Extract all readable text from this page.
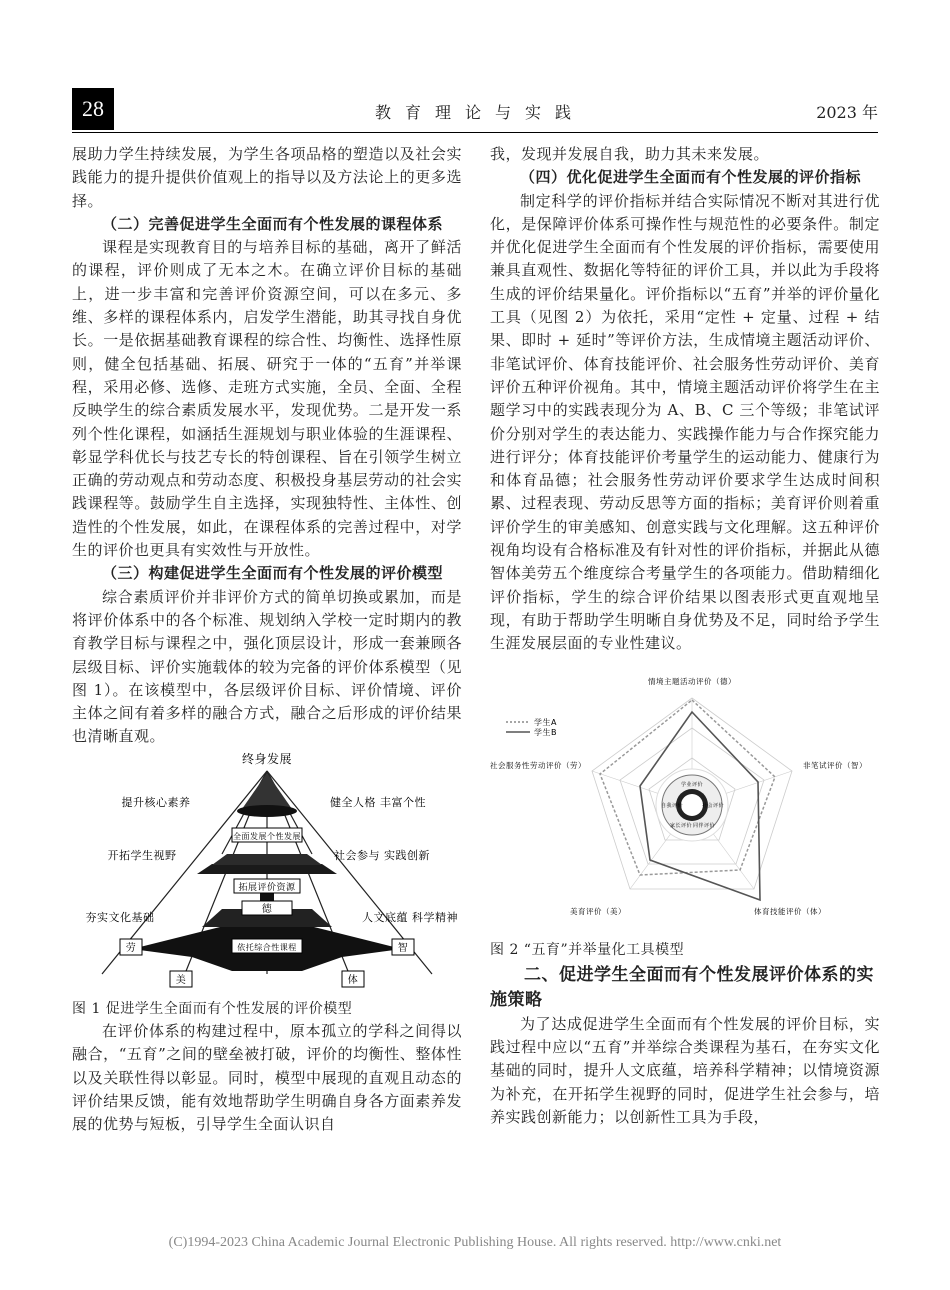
28	教育理论与实践	2023 年

展助力学生持续发展，为学生各项品格的塑造以及社会实践能力的提升提供价值观上的指导以及方法论上的更多选择。

（二）完善促进学生全面而有个性发展的课程体系

课程是实现教育目的与培养目标的基础，离开了鲜活的课程，评价则成了无本之木。在确立评价目标的基础上，进一步丰富和完善评价资源空间，可以在多元、多维、多样的课程体系内，启发学生潜能，助其寻找自身优长。一是依据基础教育课程的综合性、均衡性、选择性原则，健全包括基础、拓展、研究于一体的“五育”并举课程，采用必修、选修、走班方式实施，全员、全面、全程反映学生的综合素质发展水平，发现优势。二是开发一系列个性化课程，如涵括生涯规划与职业体验的生涯课程、彰显学科优长与技艺专长的特创课程、旨在引领学生树立正确的劳动观点和劳动态度、积极投身基层劳动的社会实践课程等。鼓励学生自主选择，实现独特性、主体性、创造性的个性发展，如此，在课程体系的完善过程中，对学生的评价也更具有实效性与开放性。

（三）构建促进学生全面而有个性发展的评价模型

综合素质评价并非评价方式的简单切换或累加，而是将评价体系中的各个标准、规划纳入学校一定时期内的教育教学目标与课程之中，强化顶层设计，形成一套兼顾各层级目标、评价实施载体的较为完备的评价体系模型（见图 1）。在该模型中，各层级评价目标、评价情境、评价主体之间有着多样的融合方式，融合之后形成的评价结果也清晰直观。

终身发展
提升核心素养	健全人格 丰富个性
开拓学生视野	社会参与 实践创新
夯实文化基础	人文底蕴 科学精神
全面发展个性发展
拓展评价资源
德
依托综合性课程
劳	智
美	体

图 1 促进学生全面而有个性发展的评价模型

在评价体系的构建过程中，原本孤立的学科之间得以融合，“五育”之间的壁垒被打破，评价的均衡性、整体性以及关联性得以彰显。同时，模型中展现的直观且动态的评价结果反馈，能有效地帮助学生明确自身各方面素养发展的优势与短板，引导学生全面认识自

我，发现并发展自我，助力其未来发展。

（四）优化促进学生全面而有个性发展的评价指标

制定科学的评价指标并结合实际情况不断对其进行优化，是保障评价体系可操作性与规范性的必要条件。制定并优化促进学生全面而有个性发展的评价指标，需要使用兼具直观性、数据化等特征的评价工具，并以此为手段将生成的评价结果量化。评价指标以“五育”并举的评价量化工具（见图 2）为依托，采用“定性 + 定量、过程 + 结果、即时 + 延时”等评价方法，生成情境主题活动评价、非笔试评价、体育技能评价、社会服务性劳动评价、美育评价五种评价视角。其中，情境主题活动评价将学生在主题学习中的实践表现分为 A、B、C 三个等级；非笔试评价分别对学生的表达能力、实践操作能力与合作探究能力进行评分；体育技能评价考量学生的运动能力、健康行为和体育品德；社会服务性劳动评价要求学生达成时间积累、过程表现、劳动反思等方面的指标；美育评价则着重评价学生的审美感知、创意实践与文化理解。这五种评价视角均设有合格标准及有针对性的评价指标，并据此从德智体美劳五个维度综合考量学生的各项能力。借助精细化评价指标，学生的综合评价结果以图表形式更直观地呈现，有助于帮助学生明晰自身优势及不足，同时给予学生生涯发展层面的专业性建议。

学生A
学生B
学业评价
社会评价
自我评价
家长评价 同伴评价
情境主题活动评价（德）
非笔试评价（智）
体育技能评价（体）
美育评价（美）
社会服务性劳动评价（劳）

图 2 “五育”并举量化工具模型

二、促进学生全面而有个性发展评价体系的实施策略

为了达成促进学生全面而有个性发展的评价目标，实践过程中应以“五育”并举综合类课程为基石，在夯实文化基础的同时，提升人文底蕴，培养科学精神；以情境资源为补充，在开拓学生视野的同时，促进学生社会参与，培养实践创新能力；以创新性工具为手段，

(C)1994-2023 China Academic Journal Electronic Publishing House. All rights reserved. http://www.cnki.net
